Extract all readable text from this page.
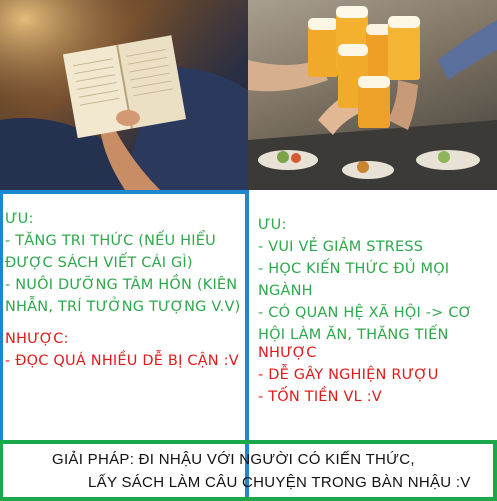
ƯU:

- TĂNG TRI THỨC (NẾU HIỂU

ĐƯỢC SÁCH VIẾT CÁI GÌ)

- NUÔI DƯỠNG TÂM HỒN (KIÊN

NHẪN, TRÍ TƯỞNG TƯỢNG V.V)

NHƯỢC:

- ĐỌC QUÁ NHIỀU DỄ BỊ CẬN :V

ƯU:

- VUI VẺ GIẢM STRESS

- HỌC KIẾN THỨC ĐỦ MỌI

NGÀNH

- CÓ QUAN HỆ XÃ HỘI -> CƠ

HỘI LÀM ĂN, THĂNG TIẾN

NHƯỢC

- DỄ GÂY NGHIỆN RƯỢU

- TỐN TIỀN VL :V

GIẢI PHÁP: ĐI NHẬU VỚI NGƯỜI CÓ KIẾN THỨC,

LẤY SÁCH LÀM CÂU CHUYỆN TRONG BÀN NHẬU :V
